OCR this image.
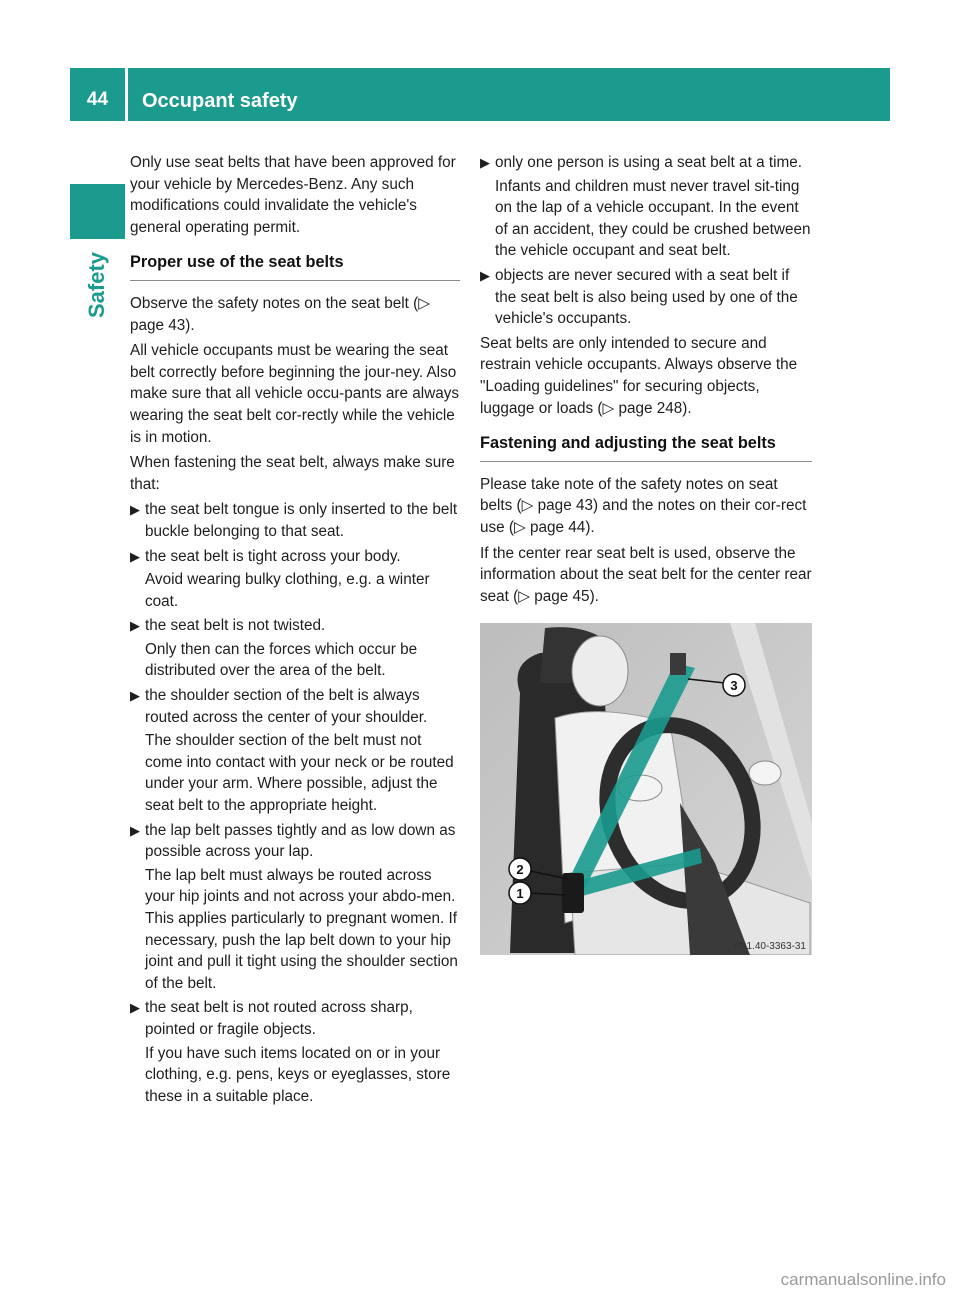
44	Occupant safety
Safety

Only use seat belts that have been approved for your vehicle by Mercedes-Benz. Any such modifications could invalidate the vehicle's general operating permit.

Proper use of the seat belts

Observe the safety notes on the seat belt (▷ page 43).

All vehicle occupants must be wearing the seat belt correctly before beginning the jour-ney. Also make sure that all vehicle occu-pants are always wearing the seat belt cor-rectly while the vehicle is in motion.

When fastening the seat belt, always make sure that:

▶ the seat belt tongue is only inserted to the belt buckle belonging to that seat.

▶ the seat belt is tight across your body.

Avoid wearing bulky clothing, e.g. a winter coat.

▶ the seat belt is not twisted.

Only then can the forces which occur be distributed over the area of the belt.

▶ the shoulder section of the belt is always routed across the center of your shoulder.

The shoulder section of the belt must not come into contact with your neck or be routed under your arm. Where possible, adjust the seat belt to the appropriate height.

▶ the lap belt passes tightly and as low down as possible across your lap.

The lap belt must always be routed across your hip joints and not across your abdo-men. This applies particularly to pregnant women. If necessary, push the lap belt down to your hip joint and pull it tight using the shoulder section of the belt.

▶ the seat belt is not routed across sharp, pointed or fragile objects.

If you have such items located on or in your clothing, e.g. pens, keys or eyeglasses, store these in a suitable place.

▶ only one person is using a seat belt at a time.

Infants and children must never travel sit-ting on the lap of a vehicle occupant. In the event of an accident, they could be crushed between the vehicle occupant and seat belt.

▶ objects are never secured with a seat belt if the seat belt is also being used by one of the vehicle's occupants.

Seat belts are only intended to secure and restrain vehicle occupants. Always observe the "Loading guidelines" for securing objects, luggage or loads (▷ page 248).

Fastening and adjusting the seat belts

Please take note of the safety notes on seat belts (▷ page 43) and the notes on their cor-rect use (▷ page 44).

If the center rear seat belt is used, observe the information about the seat belt for the center rear seat (▷ page 45).

3
2
1
P91.40-3363-31
carmanualsonline.info
